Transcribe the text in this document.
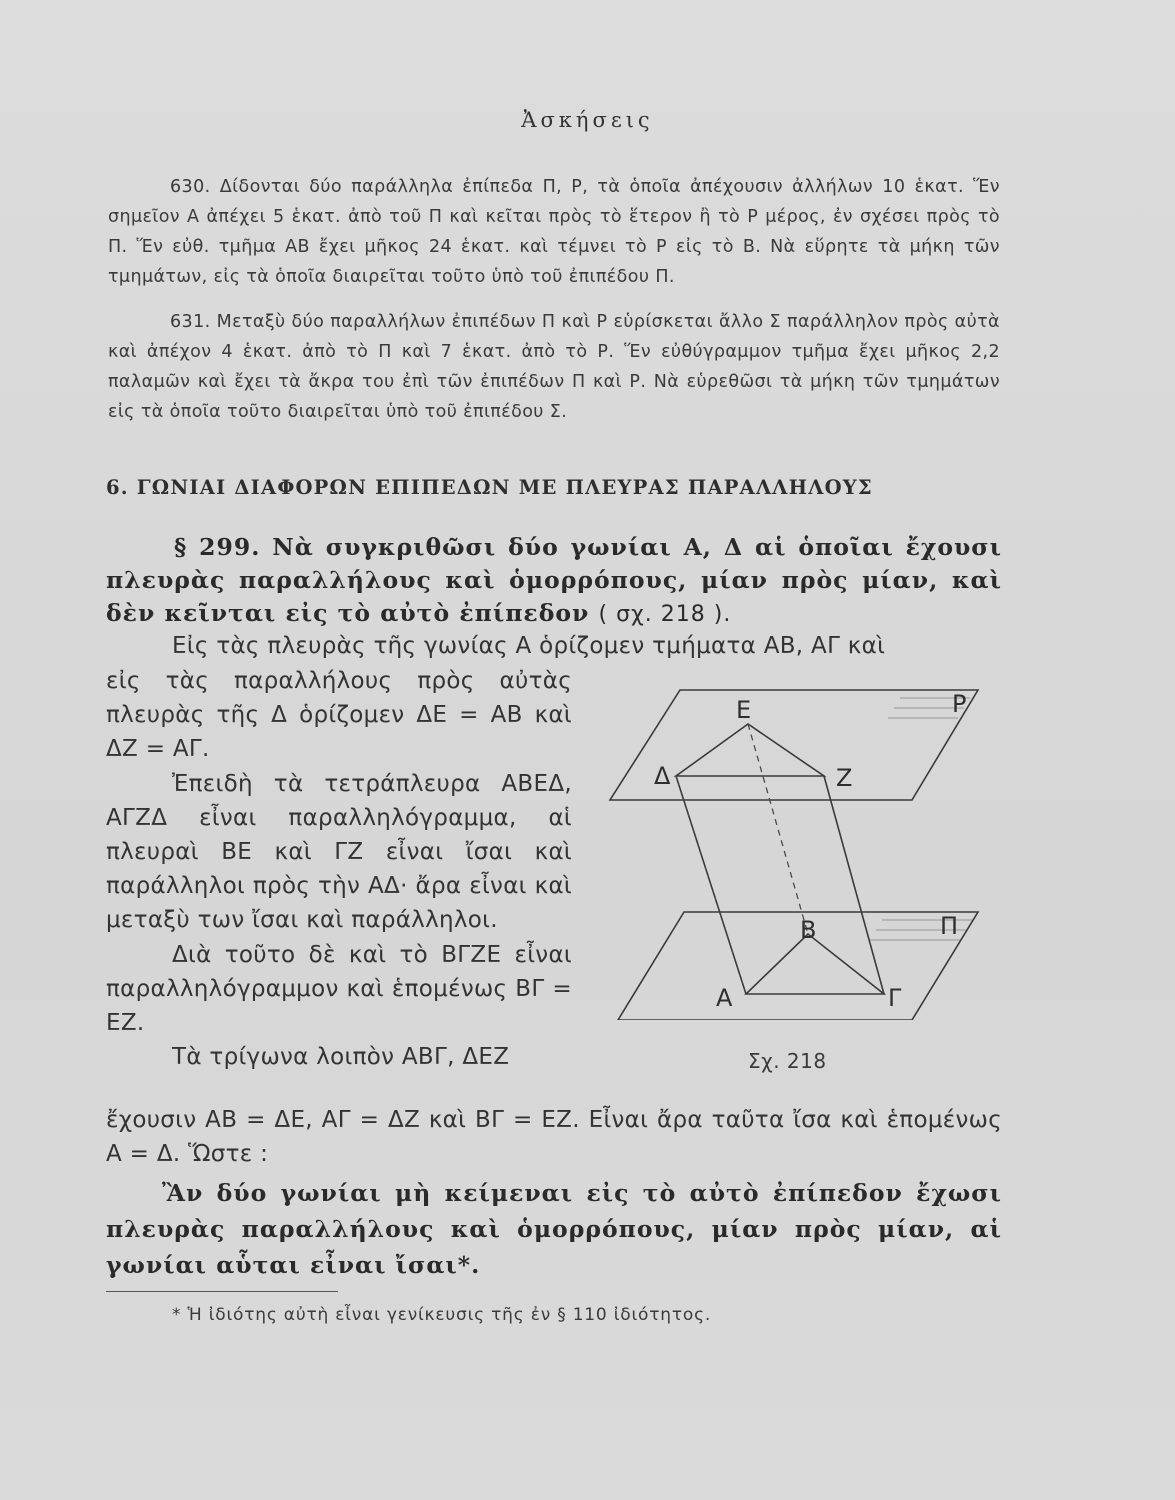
Ἀσκήσεις

630. Δίδονται δύο παράλληλα ἐπίπεδα Π, Ρ, τὰ ὁποῖα ἀπέχουσιν ἀλλήλων 10 ἑκατ. Ἕν σημεῖον Α ἀπέχει 5 ἑκατ. ἀπὸ τοῦ Π καὶ κεῖται πρὸς τὸ ἕτερον ἢ τὸ Ρ μέρος, ἐν σχέσει πρὸς τὸ Π. Ἕν εὐθ. τμῆμα ΑΒ ἔχει μῆκος 24 ἑκατ. καὶ τέμνει τὸ Ρ εἰς τὸ Β. Νὰ εὕρητε τὰ μήκη τῶν τμημάτων, εἰς τὰ ὁποῖα διαιρεῖται τοῦτο ὑπὸ τοῦ ἐπιπέδου Π.

631. Μεταξὺ δύο παραλλήλων ἐπιπέδων Π καὶ Ρ εὑρίσκεται ἄλλο Σ παράλληλον πρὸς αὐτὰ καὶ ἀπέχον 4 ἑκατ. ἀπὸ τὸ Π καὶ 7 ἑκατ. ἀπὸ τὸ Ρ. Ἕν εὐθύγραμμον τμῆμα ἔχει μῆκος 2,2 παλαμῶν καὶ ἔχει τὰ ἄκρα του ἐπὶ τῶν ἐπιπέδων Π καὶ Ρ. Νὰ εὑρεθῶσι τὰ μήκη τῶν τμημάτων εἰς τὰ ὁποῖα τοῦτο διαιρεῖται ὑπὸ τοῦ ἐπιπέδου Σ.

6. ΓΩΝΙΑΙ ΔΙΑΦΟΡΩΝ ΕΠΙΠΕΔΩΝ ΜΕ ΠΛΕΥΡΑΣ ΠΑΡΑΛΛΗΛΟΥΣ
§ 299. Νὰ συγκριθῶσι δύο γωνίαι Α, Δ αἱ ὁποῖαι ἔχουσι πλευρὰς παραλλήλους καὶ ὁμορρόπους, μίαν πρὸς μίαν, καὶ δὲν κεῖνται εἰς τὸ αὐτὸ ἐπίπεδον ( σχ. 218 ).
Εἰς τὰς πλευρὰς τῆς γωνίας Α ὁρίζομεν τμήματα ΑΒ, ΑΓ καὶ

εἰς τὰς παραλλήλους πρὸς αὐτὰς πλευρὰς τῆς Δ ὁρίζομεν ΔΕ = ΑΒ καὶ ΔΖ = ΑΓ.

Ἐπειδὴ τὰ τετράπλευρα ΑΒΕΔ, ΑΓΖΔ εἶναι παραλληλόγραμμα, αἱ πλευραὶ ΒΕ καὶ ΓΖ εἶναι ἴσαι καὶ παράλληλοι πρὸς τὴν ΑΔ· ἄρα εἶναι καὶ μεταξὺ των ἴσαι καὶ παράλληλοι.

Διὰ τοῦτο δὲ καὶ τὸ ΒΓΖΕ εἶναι παραλληλόγραμμον καὶ ἑπομένως ΒΓ = ΕΖ.

Τὰ τρίγωνα λοιπὸν ΑΒΓ, ΔΕΖ

ἔχουσιν ΑΒ = ΔΕ, ΑΓ = ΔΖ καὶ ΒΓ = ΕΖ. Εἶναι ἄρα ταῦτα ἴσα καὶ ἑπομένως Α = Δ. Ὥστε :
Ε	Ρ
Δ	Ζ
Β	Π
Α	Γ
Σχ. 218
Ἂν δύο γωνίαι μὴ κείμεναι εἰς τὸ αὐτὸ ἐπίπεδον ἔχωσι πλευρὰς παραλλήλους καὶ ὁμορρόπους, μίαν πρὸς μίαν, αἱ γωνίαι αὗται εἶναι ἴσαι*.
* Ἡ ἰδιότης αὐτὴ εἶναι γενίκευσις τῆς ἐν § 110 ἰδιότητος.
